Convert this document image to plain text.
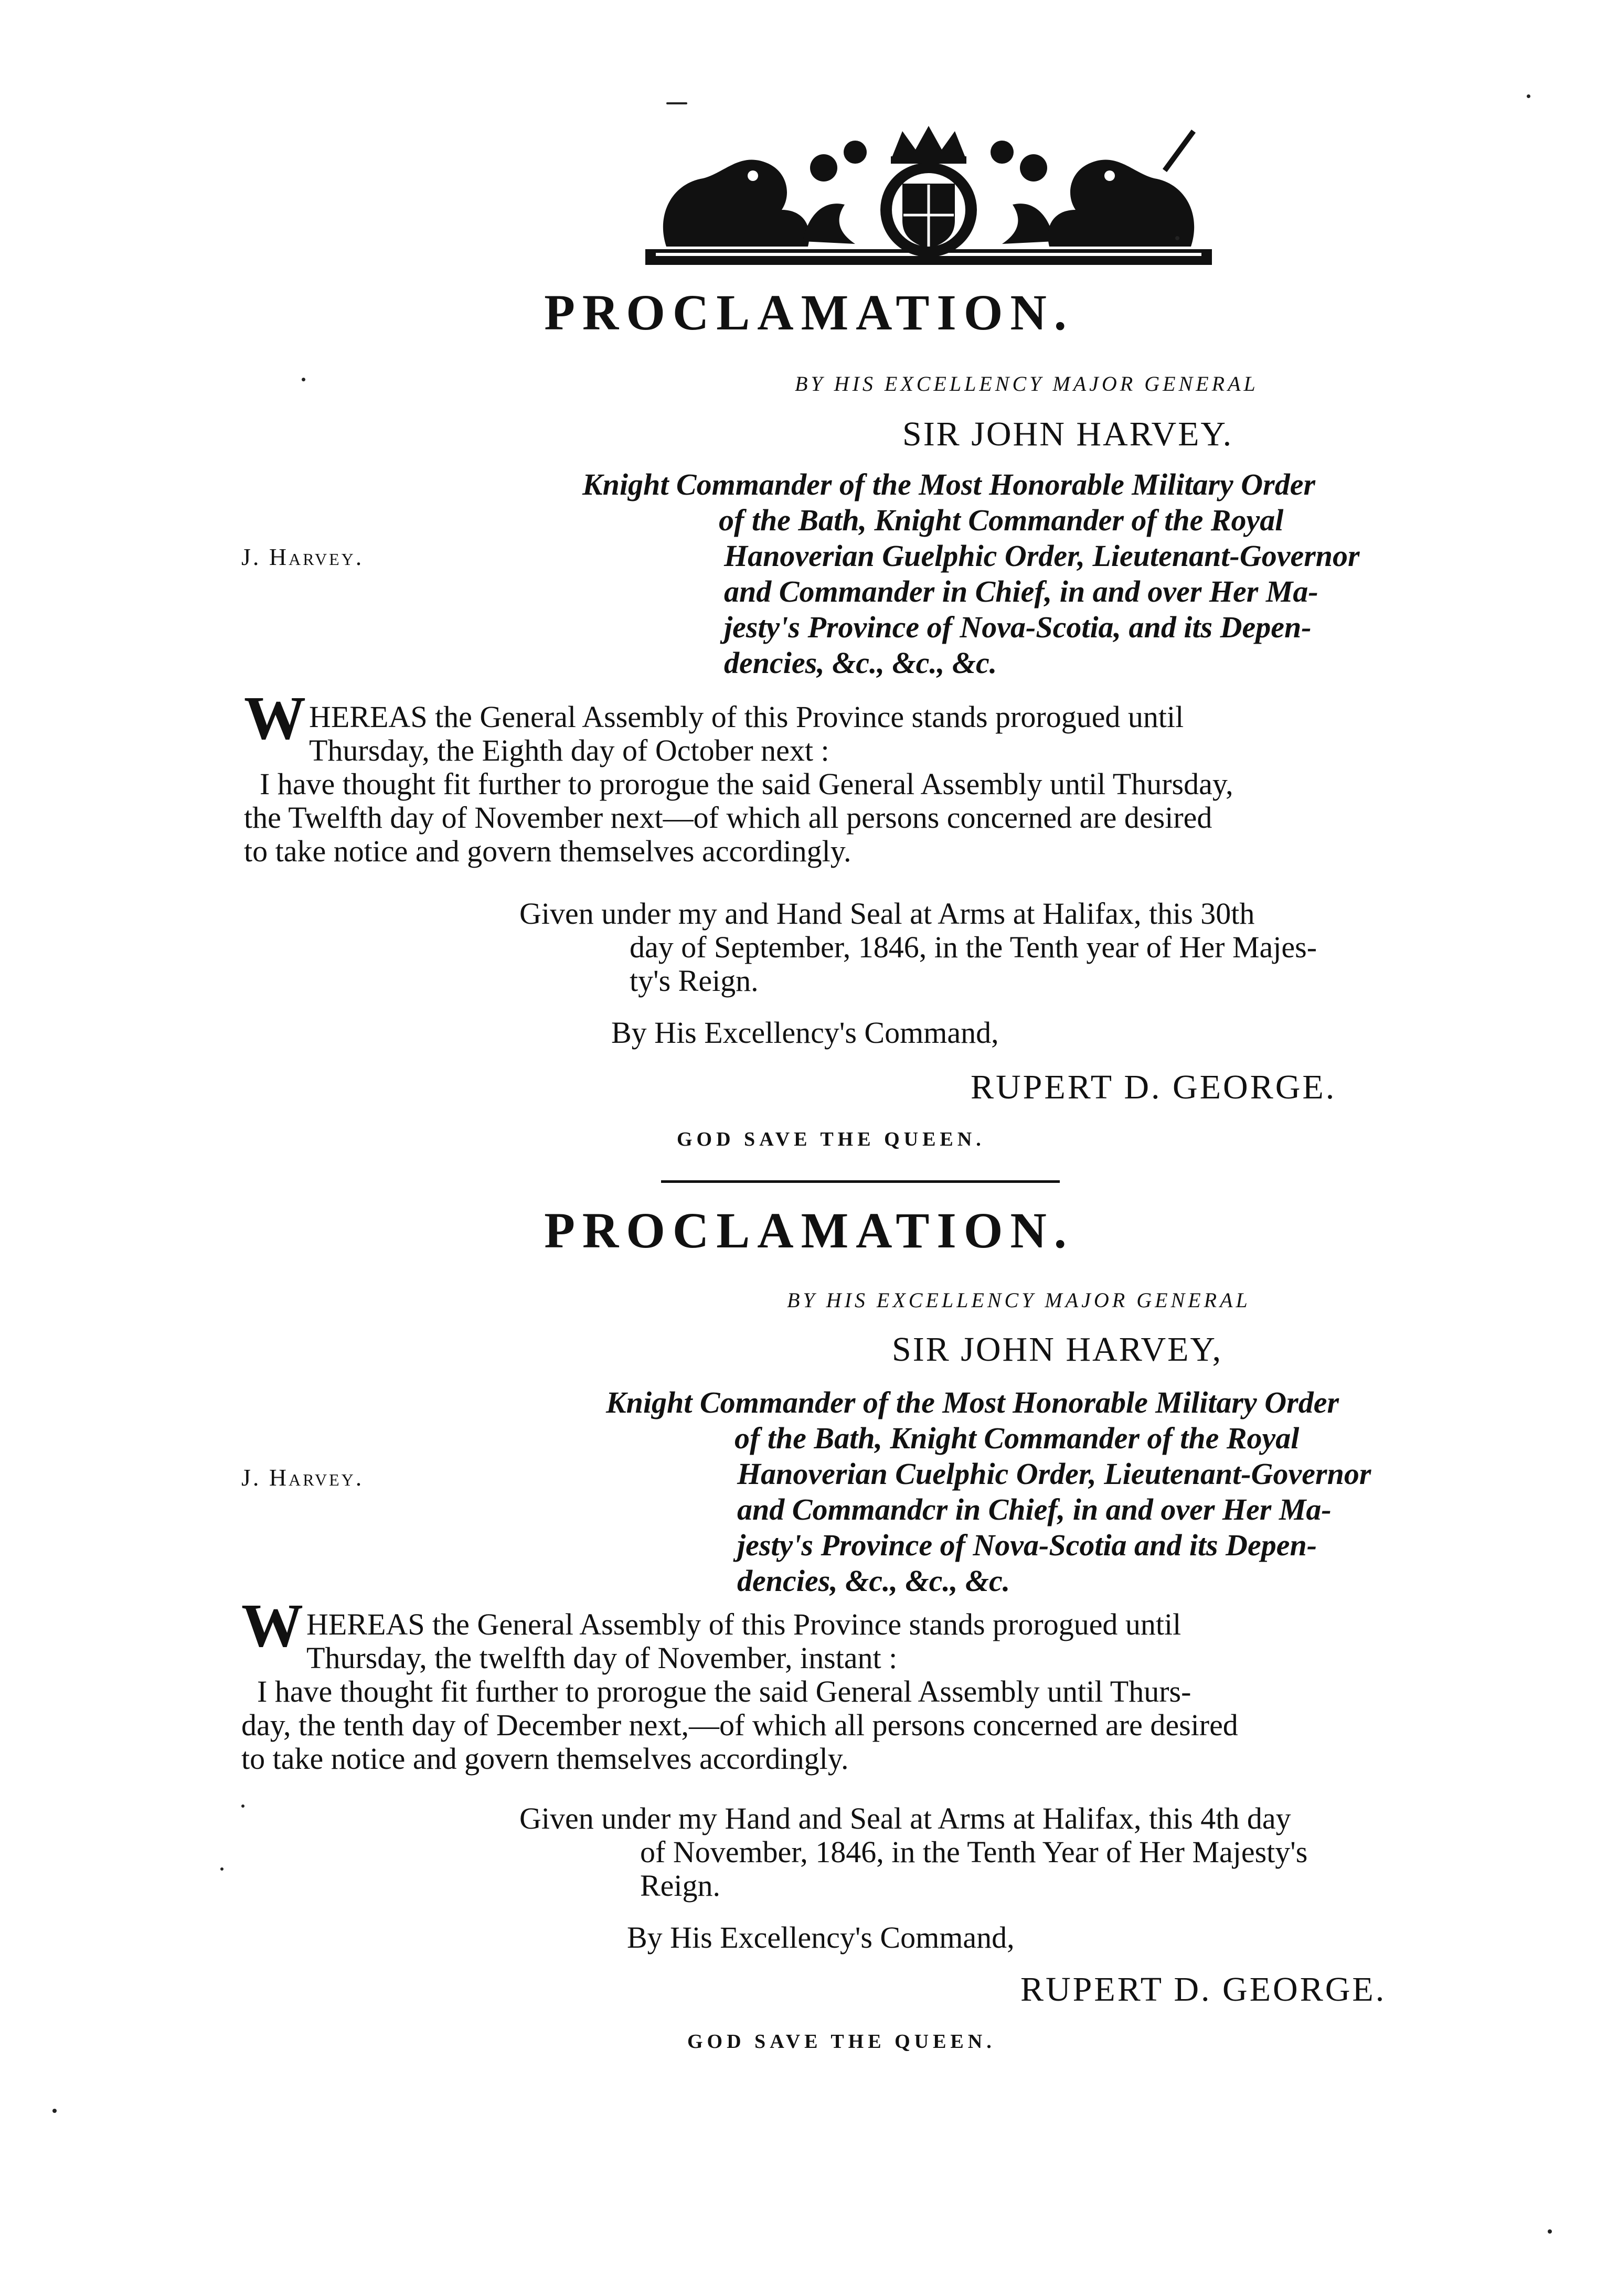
PROCLAMATION.
BY HIS EXCELLENCY MAJOR GENERAL
SIR JOHN HARVEY.
Knight Commander of the Most Honorable Military Order
of the Bath, Knight Commander of the Royal
Hanoverian Guelphic Order, Lieutenant-Governor
and Commander in Chief, in and over Her Ma-
jesty's Province of Nova-Scotia, and its Depen-
dencies, &c., &c., &c.
J. Harvey.
W HEREAS the General Assembly of this Province stands prorogued until
Thursday, the Eighth day of October next :
I have thought fit further to prorogue the said General Assembly until Thursday,
the Twelfth day of November next—of which all persons concerned are desired
to take notice and govern themselves accordingly.
Given under my and Hand Seal at Arms at Halifax, this 30th
day of September, 1846, in the Tenth year of Her Majes-
ty's Reign.
By His Excellency's Command,
RUPERT D. GEORGE.
GOD SAVE THE QUEEN.
PROCLAMATION.
BY HIS EXCELLENCY MAJOR GENERAL
SIR JOHN HARVEY,
Knight Commander of the Most Honorable Military Order
of the Bath, Knight Commander of the Royal
Hanoverian Cuelphic Order, Lieutenant-Governor
and Commandcr in Chief, in and over Her Ma-
jesty's Province of Nova-Scotia and its Depen-
dencies, &c., &c., &c.
J. Harvey.
W HEREAS the General Assembly of this Province stands prorogued until
Thursday, the twelfth day of November, instant :
I have thought fit further to prorogue the said General Assembly until Thurs-
day, the tenth day of December next,—of which all persons concerned are desired
to take notice and govern themselves accordingly.
Given under my Hand and Seal at Arms at Halifax, this 4th day
of November, 1846, in the Tenth Year of Her Majesty's
Reign.
By His Excellency's Command,
RUPERT D. GEORGE.
GOD SAVE THE QUEEN.
